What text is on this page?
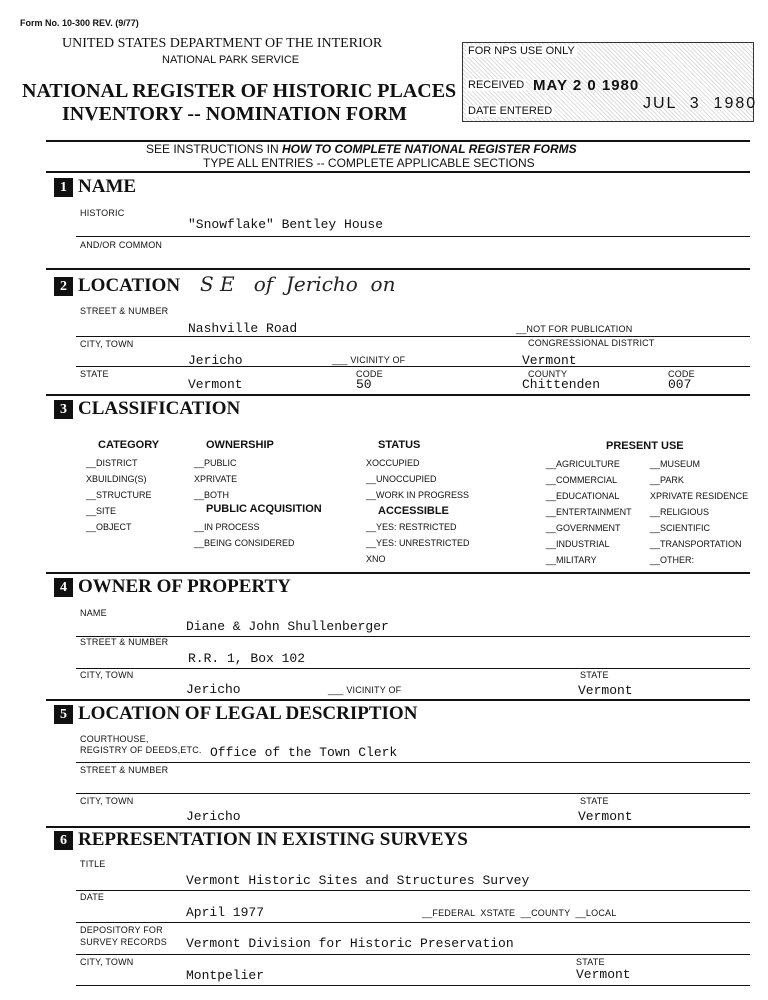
Form No. 10-300 REV. (9/77)
UNITED STATES DEPARTMENT OF THE INTERIOR
NATIONAL PARK SERVICE
NATIONAL REGISTER OF HISTORIC PLACES
INVENTORY -- NOMINATION FORM
FOR NPS USE ONLY
RECEIVED MAY 2 0 1980
DATE ENTERED	JUL  3  1980
SEE INSTRUCTIONS IN HOW TO COMPLETE NATIONAL REGISTER FORMS
TYPE ALL ENTRIES -- COMPLETE APPLICABLE SECTIONS
1 NAME
HISTORIC
"Snowflake" Bentley House
AND/OR COMMON
2 LOCATION S E   of  Jericho  on
STREET & NUMBER
Nashville Road	__NOT FOR PUBLICATION
CITY, TOWN	CONGRESSIONAL DISTRICT
Jericho	___ VICINITY OF	Vermont
STATE	CODE	COUNTY	CODE
Vermont	50	Chittenden	007
3 CLASSIFICATION
CATEGORY
__DISTRICT
XBUILDING(S)
__STRUCTURE
__SITE
__OBJECT
OWNERSHIP
__PUBLIC
XPRIVATE
__BOTH
PUBLIC ACQUISITION
__IN PROCESS
__BEING CONSIDERED
STATUS
XOCCUPIED
__UNOCCUPIED
__WORK IN PROGRESS
ACCESSIBLE
__YES: RESTRICTED
__YES: UNRESTRICTED
XNO
PRESENT USE
__AGRICULTURE
__COMMERCIAL
__EDUCATIONAL
__ENTERTAINMENT
__GOVERNMENT
__INDUSTRIAL
__MILITARY
__MUSEUM
__PARK
XPRIVATE RESIDENCE
__RELIGIOUS
__SCIENTIFIC
__TRANSPORTATION
__OTHER:
4 OWNER OF PROPERTY
NAME
Diane & John Shullenberger
STREET & NUMBER
R.R. 1, Box 102
CITY, TOWN	STATE
Jericho	___ VICINITY OF	Vermont
5 LOCATION OF LEGAL DESCRIPTION
COURTHOUSE,
REGISTRY OF DEEDS,ETC. Office of the Town Clerk
STREET & NUMBER
CITY, TOWN	STATE
Jericho	Vermont
6 REPRESENTATION IN EXISTING SURVEYS
TITLE
Vermont Historic Sites and Structures Survey
DATE
April 1977	__FEDERAL  XSTATE  __COUNTY  __LOCAL
DEPOSITORY FOR
SURVEY RECORDS Vermont Division for Historic Preservation
CITY, TOWN	STATE
Montpelier	Vermont
